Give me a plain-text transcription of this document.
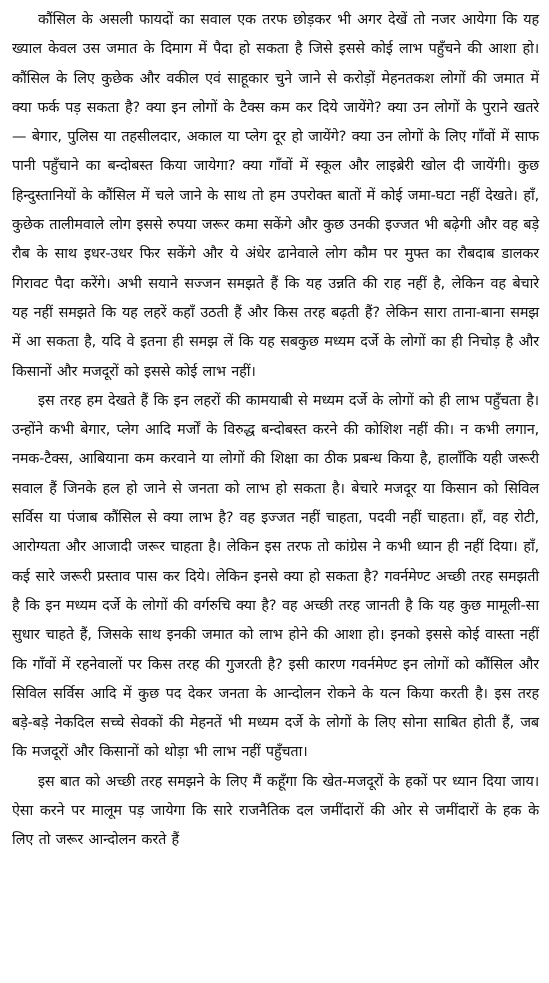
कौंसिल के असली फायदों का सवाल एक तरफ छोड़कर भी अगर देखें तो नजर आयेगा कि यह ख्याल केवल उस जमात के दिमाग में पैदा हो सकता है जिसे इससे कोई लाभ पहुँचने की आशा हो। कौंसिल के लिए कुछेक और वकील एवं साहूकार चुने जाने से करोड़ों मेहनतकश लोगों की जमात में क्या फर्क पड़ सकता है? क्या इन लोगों के टैक्स कम कर दिये जायेंगे? क्या उन लोगों के पुराने खतरे— बेगार, पुलिस या तहसीलदार, अकाल या प्लेग दूर हो जायेंगे? क्या उन लोगों के लिए गाँवों में साफ पानी पहुँचाने का बन्दोबस्त किया जायेगा? क्या गाँवों में स्कूल और लाइब्रेरी खोल दी जायेंगी। कुछ हिन्दुस्तानियों के कौंसिल में चले जाने के साथ तो हम उपरोक्त बातों में कोई जमा-घटा नहीं देखते। हाँ, कुछेक तालीमवाले लोग इससे रुपया जरूर कमा सकेंगे और कुछ उनकी इज्जत भी बढ़ेगी और वह बड़े रौब के साथ इधर-उधर फिर सकेंगे और ये अंधेर ढानेवाले लोग कौम पर मुफ्त का रौबदाब डालकर गिरावट पैदा करेंगे। अभी सयाने सज्जन समझते हैं कि यह उन्नति की राह नहीं है, लेकिन वह बेचारे यह नहीं समझते कि यह लहरें कहाँ उठती हैं और किस तरह बढ़ती हैं? लेकिन सारा ताना-बाना समझ में आ सकता है, यदि वे इतना ही समझ लें कि यह सबकुछ मध्यम दर्जे के लोगों का ही निचोड़ है और किसानों और मजदूरों को इससे कोई लाभ नहीं।

इस तरह हम देखते हैं कि इन लहरों की कामयाबी से मध्यम दर्जे के लोगों को ही लाभ पहुँचता है। उन्होंने कभी बेगार, प्लेग आदि मर्जों के विरुद्ध बन्दोबस्त करने की कोशिश नहीं की। न कभी लगान, नमक-टैक्स, आबियाना कम करवाने या लोगों की शिक्षा का ठीक प्रबन्ध किया है, हालाँकि यही जरूरी सवाल हैं जिनके हल हो जाने से जनता को लाभ हो सकता है। बेचारे मजदूर या किसान को सिविल सर्विस या पंजाब कौंसिल से क्या लाभ है? वह इज्जत नहीं चाहता, पदवी नहीं चाहता। हाँ, वह रोटी, आरोग्यता और आजादी जरूर चाहता है। लेकिन इस तरफ तो कांग्रेस ने कभी ध्यान ही नहीं दिया। हाँ, कई सारे जरूरी प्रस्ताव पास कर दिये। लेकिन इनसे क्या हो सकता है? गवर्नमेण्ट अच्छी तरह समझती है कि इन मध्यम दर्जे के लोगों की वर्गरुचि क्या है? वह अच्छी तरह जानती है कि यह कुछ मामूली-सा सुधार चाहते हैं, जिसके साथ इनकी जमात को लाभ होने की आशा हो। इनको इससे कोई वास्ता नहीं कि गाँवों में रहनेवालों पर किस तरह की गुजरती है? इसी कारण गवर्नमेण्ट इन लोगों को कौंसिल और सिविल सर्विस आदि में कुछ पद देकर जनता के आन्दोलन रोकने के यत्न किया करती है। इस तरह बड़े-बड़े नेकदिल सच्चे सेवकों की मेहनतें भी मध्यम दर्जे के लोगों के लिए सोना साबित होती हैं, जब कि मजदूरों और किसानों को थोड़ा भी लाभ नहीं पहुँचता।

इस बात को अच्छी तरह समझने के लिए मैं कहूँगा कि खेत-मजदूरों के हकों पर ध्यान दिया जाय। ऐसा करने पर मालूम पड़ जायेगा कि सारे राजनैतिक दल जमींदारों की ओर से जमींदारों के हक के लिए तो जरूर आन्दोलन करते हैं
